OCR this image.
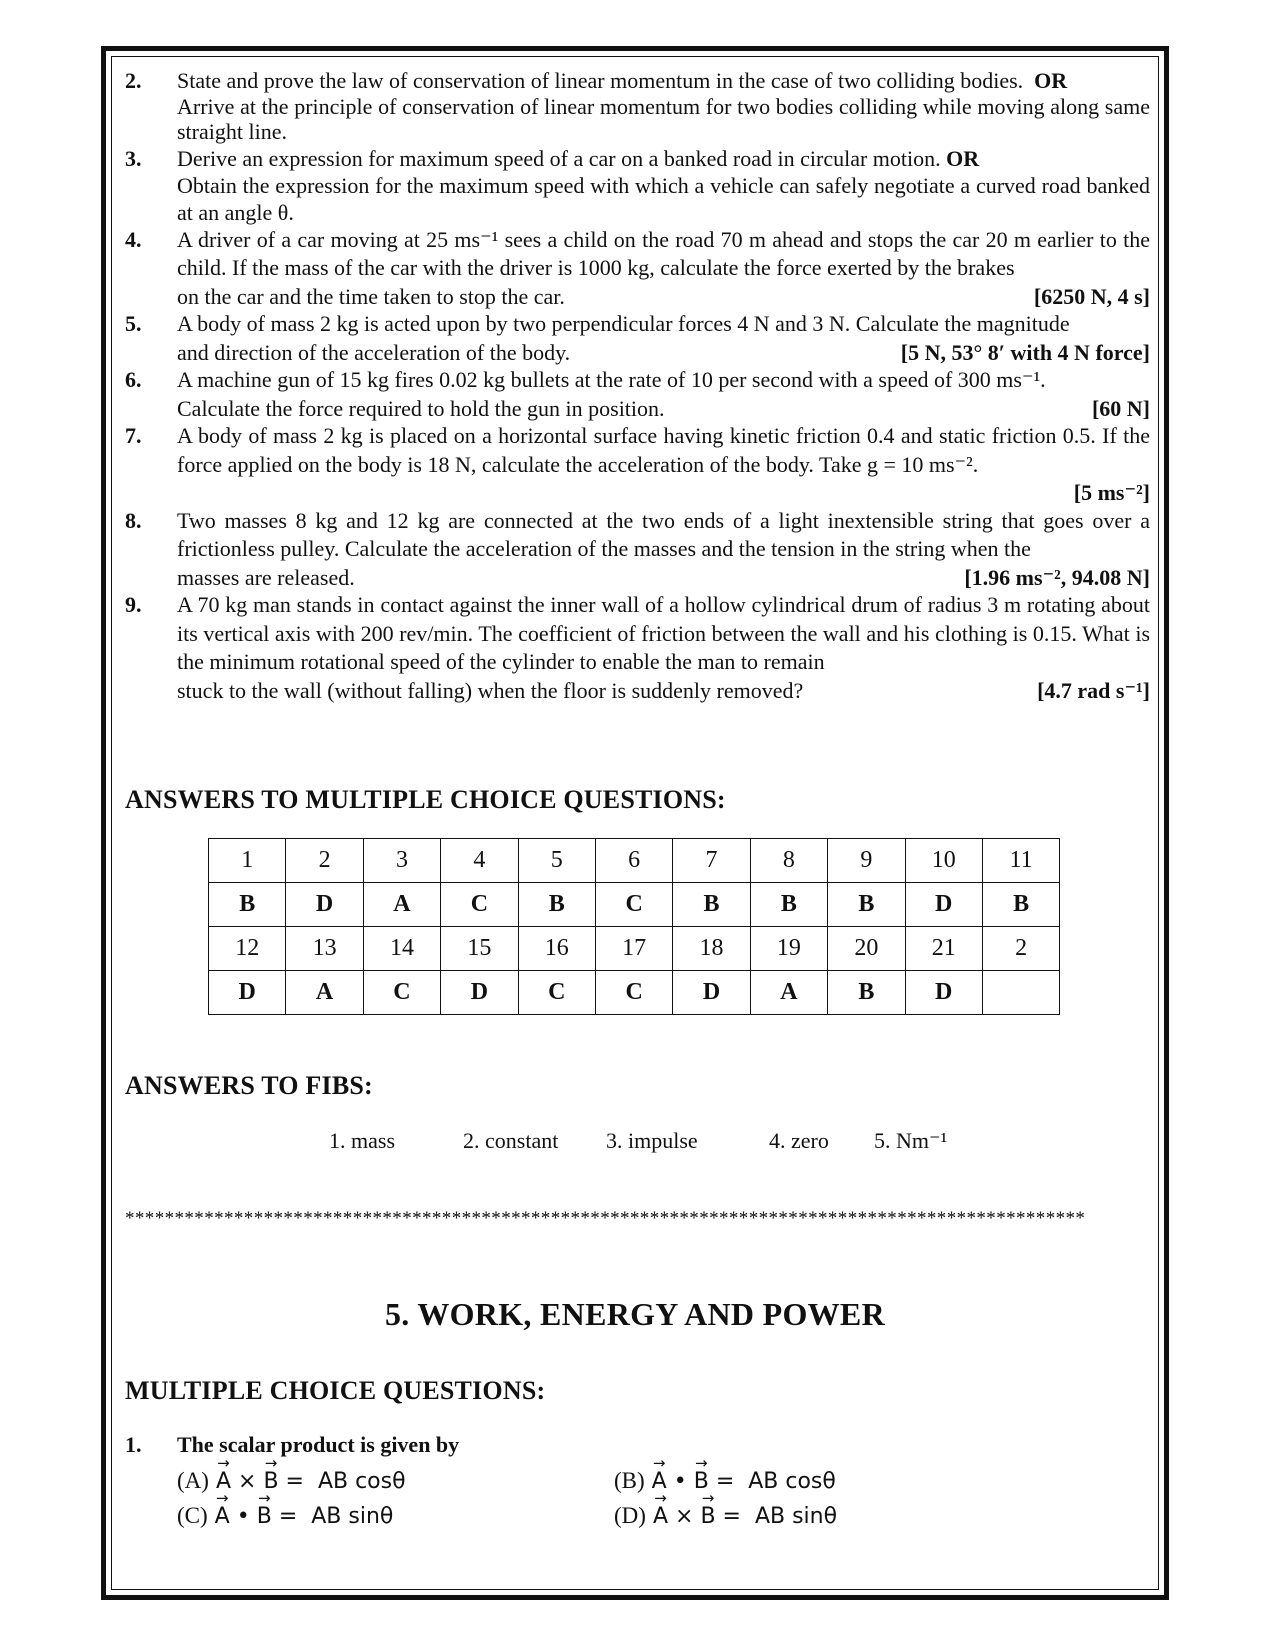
2. State and prove the law of conservation of linear momentum in the case of two colliding bodies. OR
Arrive at the principle of conservation of linear momentum for two bodies colliding while moving along same straight line.
3. Derive an expression for maximum speed of a car on a banked road in circular motion. OR
Obtain the expression for the maximum speed with which a vehicle can safely negotiate a curved road banked at an angle θ.
4. A driver of a car moving at 25 ms⁻¹ sees a child on the road 70 m ahead and stops the car 20 m earlier to the child. If the mass of the car with the driver is 1000 kg, calculate the force exerted by the brakes
on the car and the time taken to stop the car.	[6250 N, 4 s]
5. A body of mass 2 kg is acted upon by two perpendicular forces 4 N and 3 N. Calculate the magnitude
and direction of the acceleration of the body.	[5 N, 53° 8′ with 4 N force]
6. A machine gun of 15 kg fires 0.02 kg bullets at the rate of 10 per second with a speed of 300 ms⁻¹.
Calculate the force required to hold the gun in position.	[60 N]
7. A body of mass 2 kg is placed on a horizontal surface having kinetic friction 0.4 and static friction 0.5. If the force applied on the body is 18 N, calculate the acceleration of the body. Take g = 10 ms⁻².
[5 ms⁻²]
8. Two masses 8 kg and 12 kg are connected at the two ends of a light inextensible string that goes over a frictionless pulley. Calculate the acceleration of the masses and the tension in the string when the
masses are released.	[1.96 ms⁻², 94.08 N]
9. A 70 kg man stands in contact against the inner wall of a hollow cylindrical drum of radius 3 m rotating about its vertical axis with 200 rev/min. The coefficient of friction between the wall and his clothing is 0.15. What is the minimum rotational speed of the cylinder to enable the man to remain
stuck to the wall (without falling) when the floor is suddenly removed?	[4.7 rad s⁻¹]
ANSWERS TO MULTIPLE CHOICE QUESTIONS:
1	2	3	4	5	6	7	8	9	10	11
B	D	A	C	B	C	B	B	B	D	B
12	13	14	15	16	17	18	19	20	21	2
D	A	C	D	C	C	D	A	B	D	
ANSWERS TO FIBS:
1. mass	2. constant 3. impulse	4. zero 5. Nm⁻¹
*************************************************************************************************
5. WORK, ENERGY AND POWER
MULTIPLE CHOICE QUESTIONS:
1. The scalar product is given by
(A) → A × → B =  AB cosθ	(B) → A • → B =  AB cosθ
(C) → A • → B =  AB sinθ	(D) → A × → B =  AB sinθ
